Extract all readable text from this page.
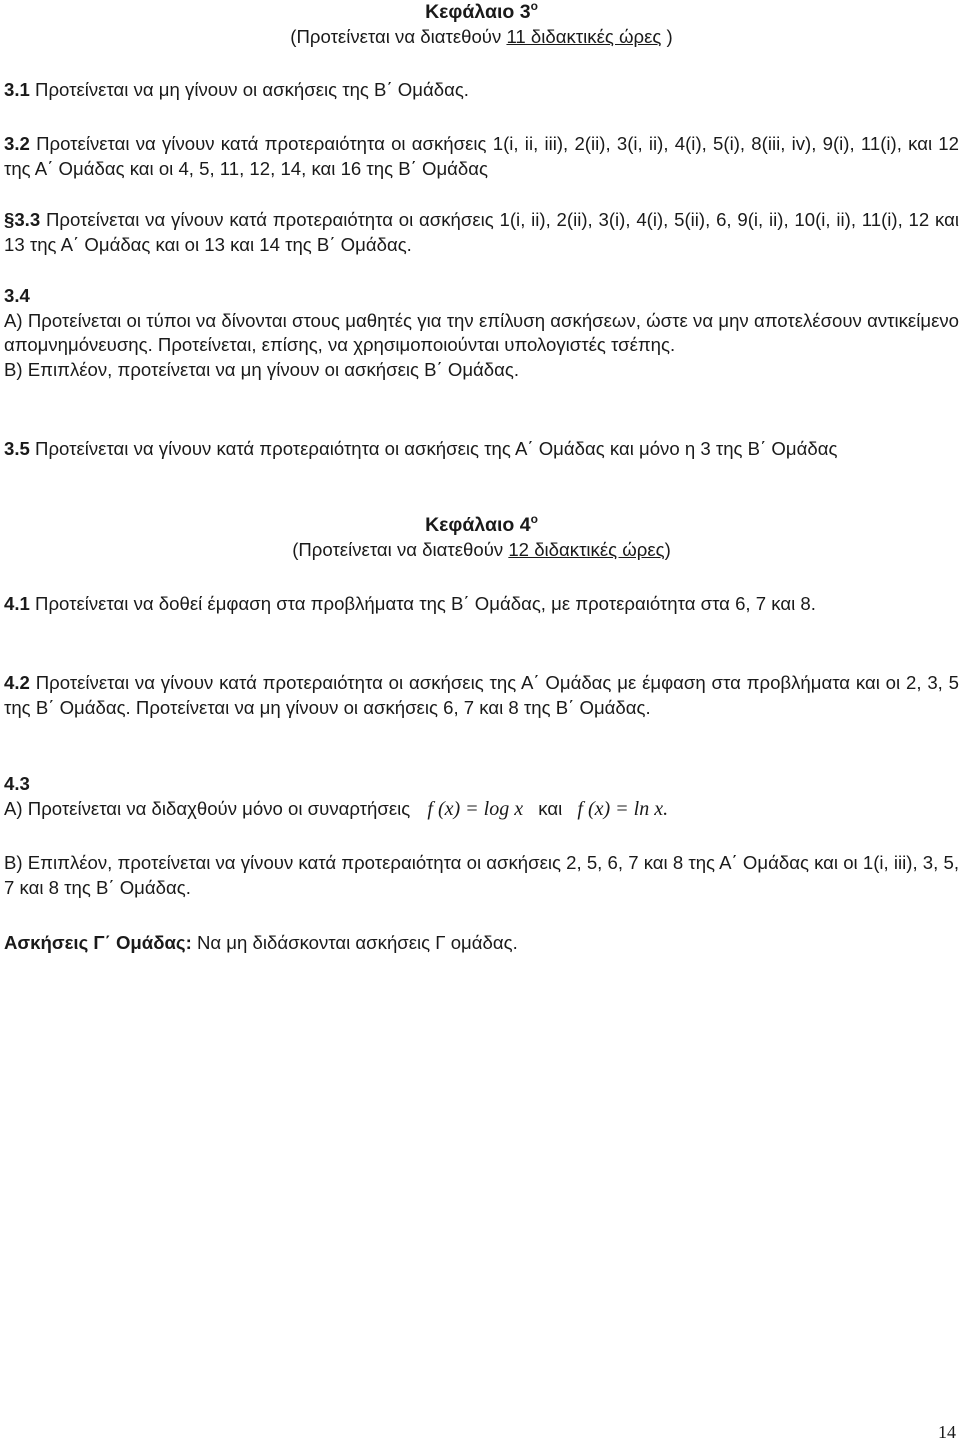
Κεφάλαιο $3^o$
(Προτείνεται να διατεθούν 11 διδακτικές ώρες )
3.1 Προτείνεται να μη γίνουν οι ασκήσεις της Β΄ Ομάδας.
3.2 Προτείνεται να γίνουν κατά προτεραιότητα οι ασκήσεις 1(i, ii, iii), 2(ii), 3(i, ii), 4(i), 5(i), 8(iii, iv), 9(i), 11(i), και 12 της Α΄ Ομάδας και οι 4, 5, 11, 12, 14, και 16 της Β΄ Ομάδας
§3.3 Προτείνεται να γίνουν κατά προτεραιότητα οι ασκήσεις 1(i, ii), 2(ii), 3(i), 4(i), 5(ii), 6, 9(i, ii), 10(i, ii), 11(i), 12 και 13 της Α΄ Ομάδας και οι 13 και 14 της Β΄ Ομάδας.
3.4
Α) Προτείνεται οι τύποι να δίνονται στους μαθητές για την επίλυση ασκήσεων, ώστε να μην αποτελέσουν αντικείμενο απομνημόνευσης. Προτείνεται, επίσης, να χρησιμοποιούνται υπολογιστές τσέπης.
Β) Επιπλέον, προτείνεται να μη γίνουν οι ασκήσεις Β΄ Ομάδας.
3.5 Προτείνεται να γίνουν κατά προτεραιότητα οι ασκήσεις της Α΄ Ομάδας και μόνο η 3 της Β΄ Ομάδας
Κεφάλαιο $4^o$
(Προτείνεται να διατεθούν 12 διδακτικές ώρες)
4.1 Προτείνεται να δοθεί έμφαση στα προβλήματα της Β΄ Ομάδας, με προτεραιότητα στα 6, 7 και 8.
4.2 Προτείνεται να γίνουν κατά προτεραιότητα οι ασκήσεις της Α΄ Ομάδας με έμφαση στα προβλήματα και οι 2, 3, 5 της Β΄ Ομάδας. Προτείνεται να μη γίνουν οι ασκήσεις 6, 7 και 8 της Β΄ Ομάδας.
4.3
Α) Προτείνεται να διδαχθούν μόνο οι συναρτήσεις f (x) = log x και f (x) = ln x.
Β) Επιπλέον, προτείνεται να γίνουν κατά προτεραιότητα οι ασκήσεις 2, 5, 6, 7 και 8 της Α΄ Ομάδας και οι 1(i, iii), 3, 5, 7 και 8 της Β΄ Ομάδας.
Ασκήσεις Γ΄ Ομάδας: Να μη διδάσκονται ασκήσεις Γ ομάδας.
14
